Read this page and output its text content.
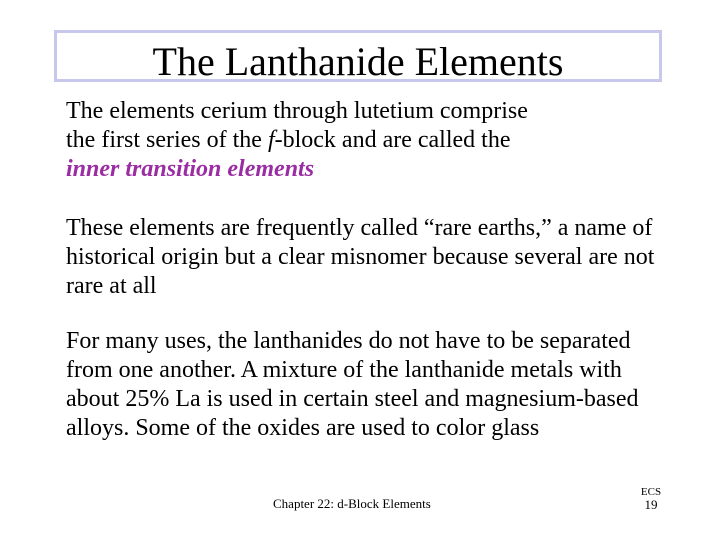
The Lanthanide Elements

The elements cerium through lutetium comprise
the first series of the f-block and are called the
inner transition elements

These elements are frequently called “rare earths,” a name of historical origin but a clear misnomer because several are not rare at all

For many uses, the lanthanides do not have to be separated from one another. A mixture of the lanthanide metals with about 25% La is used in certain steel and magnesium-based alloys. Some of the oxides are used to color glass

Chapter 22: d-Block Elements
ECS
19
